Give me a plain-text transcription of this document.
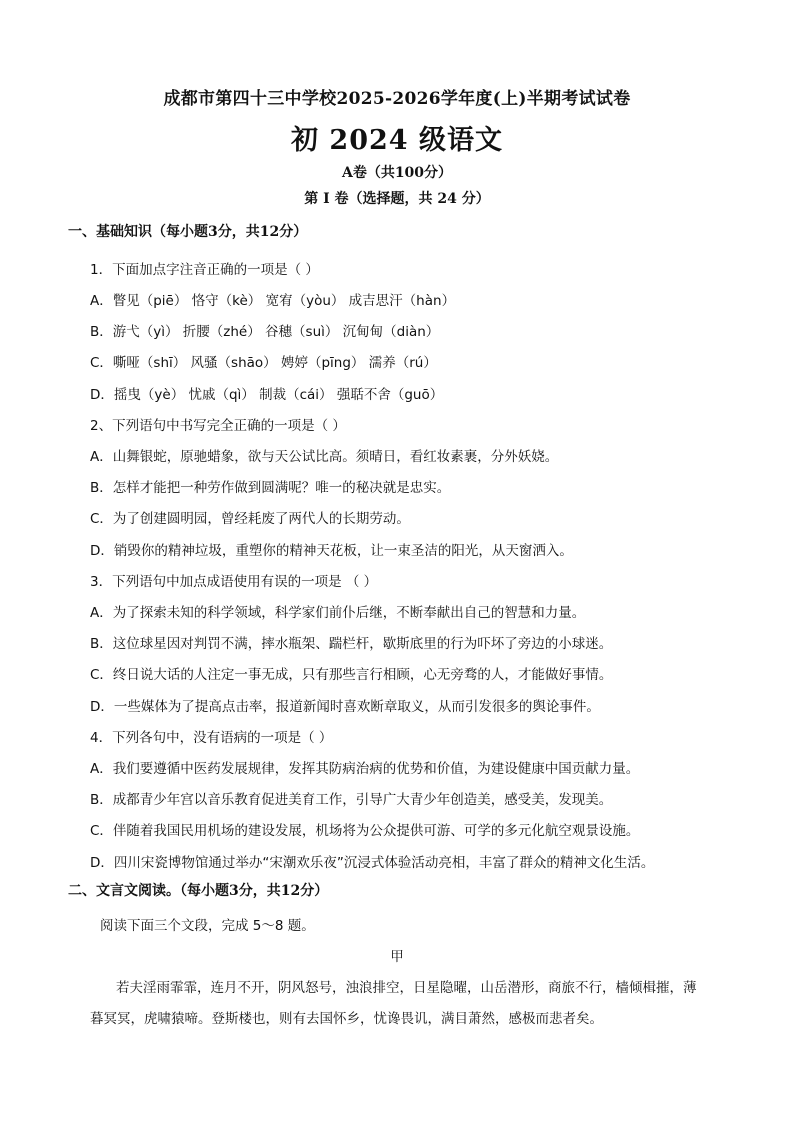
成都市第四十三中学校2025-2026学年度(上)半期考试试卷
初 2024 级语文
A卷（共100分）
第 I 卷（选择题，共 24 分）
一、基础知识（每小题3分，共12分）
1．下面加点字注音正确的一项是（ ）
A．瞥见（piē） 恪守（kè） 宽宥（yòu） 成吉思汗（hàn）
B．游弋（yì） 折腰（zhé） 谷穗（suì） 沉甸甸（diàn）
C．嘶哑（shī） 风骚（shāo） 娉婷（pīng） 濡养（rú）
D．摇曳（yè） 忧戚（qì） 制裁（cái） 强聒不舍（guō）
2、下列语句中书写完全正确的一项是（ ）
A．山舞银蛇，原驰蜡象，欲与天公试比高。须晴日，看红妆素裹，分外妖娆。
B．怎样才能把一种劳作做到圆满呢？唯一的秘决就是忠实。
C．为了创建圆明园，曾经耗废了两代人的长期劳动。
D．销毁你的精神垃圾，重塑你的精神天花板，让一束圣洁的阳光，从天窗洒入。
3．下列语句中加点成语使用有误的一项是 （ ）
A．为了探索未知的科学领域，科学家们前仆后继，不断奉献出自己的智慧和力量。
B．这位球星因对判罚不满，摔水瓶架、踹栏杆，歇斯底里的行为吓坏了旁边的小球迷。
C．终日说大话的人注定一事无成，只有那些言行相顾，心无旁骛的人，才能做好事情。
D．一些媒体为了提高点击率，报道新闻时喜欢断章取义，从而引发很多的舆论事件。
4．下列各句中，没有语病的一项是（ ）
A．我们要遵循中医药发展规律，发挥其防病治病的优势和价值，为建设健康中国贡献力量。
B．成都青少年宫以音乐教育促进美育工作，引导广大青少年创造美，感受美，发现美。
C．伴随着我国民用机场的建设发展，机场将为公众提供可游、可学的多元化航空观景设施。
D．四川宋瓷博物馆通过举办“宋潮欢乐夜”沉浸式体验活动亮相，丰富了群众的精神文化生活。
二、文言文阅读。（每小题3分，共12分）
阅读下面三个文段，完成 5～8 题。
甲
若夫淫雨霏霏，连月不开，阴风怒号，浊浪排空，日星隐曜，山岳潜形，商旅不行，樯倾楫摧，薄
暮冥冥，虎啸猿啼。登斯楼也，则有去国怀乡，忧谗畏讥，满目萧然，感极而悲者矣。
